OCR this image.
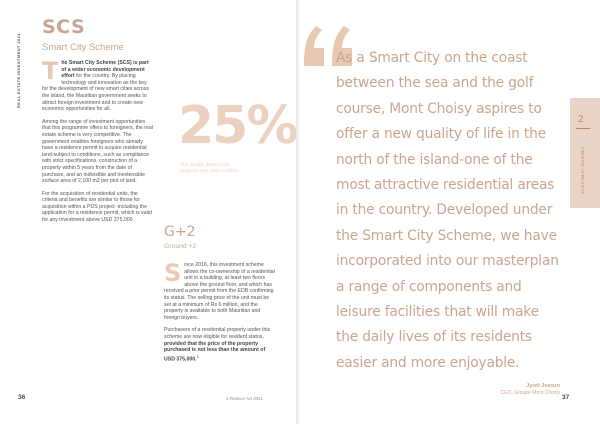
REAL ESTATE INVESTMENT 2021
SCS
Smart City Scheme

The Smart City Scheme (SCS) is part of a wider economic development effort for the country. By placing technology and innovation as the key for the development of new smart cities across the island, the Mauritian government seeks to attract foreign investment and to create new economic opportunities for all.

Among the range of investment opportunities that this programme offers to foreigners, the real estate scheme is very competitive. The government enables foreigners who already have a residence permit to acquire residential land-subject to conditions, such as compliance with strict specifications, construction of a property within 5 years from the date of purchase, and an indivisible and inextensible surface area of 2,100 m2 per plot of land.

For the acquisition of residential units, the criteria and benefits are similar to those for acquisition within a PDS project -including the application for a residence permit, which is valid for any investment above USD 375,000.

25%
The foreign demand for property over USD 1 million
G+2
Ground +2

Since 2016, this investment scheme allows the co-ownership of a residential unit in a building, at least two floors above the ground floor, and which has received a prior permit from the EDB confirming its status. The selling price of the unit must be set at a minimum of Rs 6 million, and the property is available to both Mauritian and foreign buyers.

Purchasers of a residential property under this scheme are now eligible for resident status, provided that the price of the property purchased is not less than the amount of USD 375,000.$^1$

1 Finance Act 2021
36
As a Smart City on the coast between the sea and the golf course, Mont Choisy aspires to offer a new quality of life in the north of the island-one of the most attractive residential areas in the country. Developed under the Smart City Scheme, we have incorporated into our masterplan a range of components and leisure facilities that will make the daily lives of its residents easier and more enjoyable.
Jyoti Jeetun
CEO, Groupe Mont Choisy
2
INVESTMENT SCHEMES
37
